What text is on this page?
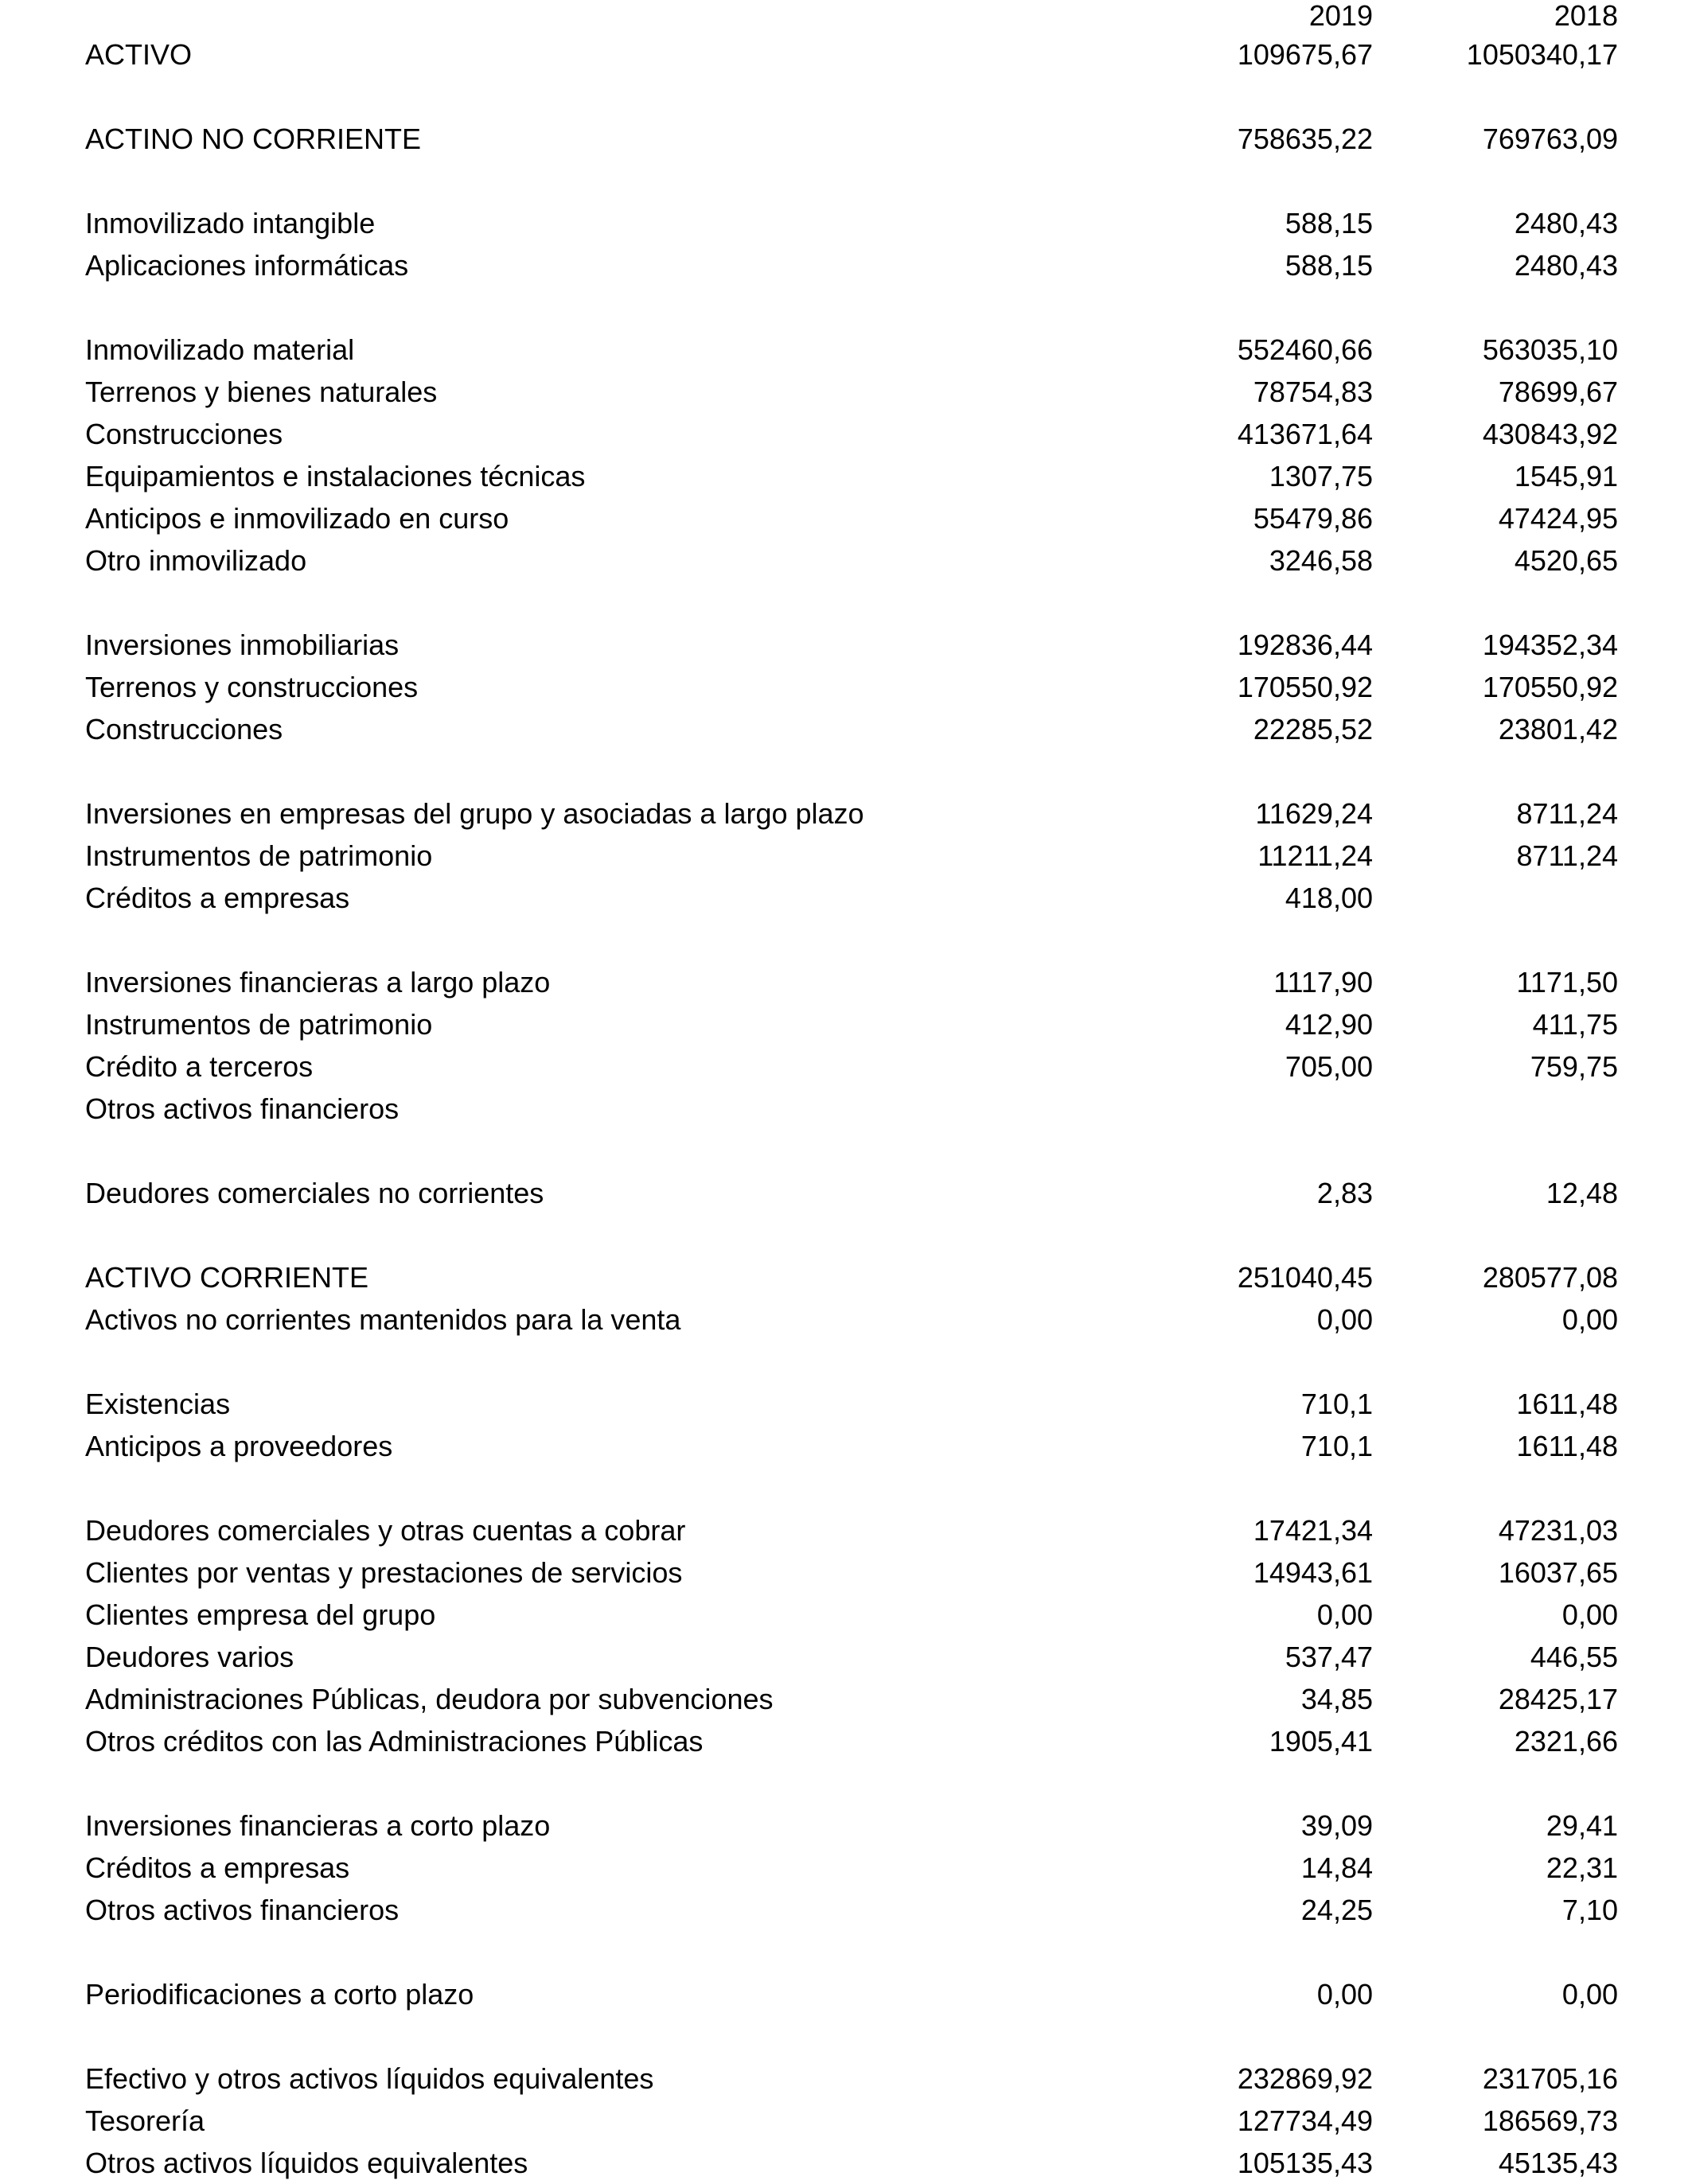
2019	2018
ACTIVO	109675,67	1050340,17
ACTINO NO CORRIENTE	758635,22	769763,09
Inmovilizado intangible	588,15	2480,43
Aplicaciones informáticas	588,15	2480,43
Inmovilizado material	552460,66	563035,10
Terrenos y bienes naturales	78754,83	78699,67
Construcciones	413671,64	430843,92
Equipamientos e instalaciones técnicas	1307,75	1545,91
Anticipos e inmovilizado en curso	55479,86	47424,95
Otro inmovilizado	3246,58	4520,65
Inversiones inmobiliarias	192836,44	194352,34
Terrenos y construcciones	170550,92	170550,92
Construcciones	22285,52	23801,42
Inversiones en empresas del grupo y asociadas a largo plazo	11629,24	8711,24
Instrumentos de patrimonio	11211,24	8711,24
Créditos a empresas	418,00
Inversiones financieras a largo plazo	1117,90	1171,50
Instrumentos de patrimonio	412,90	411,75
Crédito a terceros	705,00	759,75
Otros activos financieros
Deudores comerciales no corrientes	2,83	12,48
ACTIVO CORRIENTE	251040,45	280577,08
Activos no corrientes mantenidos para la venta	0,00	0,00
Existencias	710,1	1611,48
Anticipos a proveedores	710,1	1611,48
Deudores comerciales y otras cuentas a cobrar	17421,34	47231,03
Clientes por ventas y prestaciones de servicios	14943,61	16037,65
Clientes empresa del grupo	0,00	0,00
Deudores varios	537,47	446,55
Administraciones Públicas, deudora por subvenciones	34,85	28425,17
Otros créditos con las Administraciones Públicas	1905,41	2321,66
Inversiones financieras a corto plazo	39,09	29,41
Créditos a empresas	14,84	22,31
Otros activos financieros	24,25	7,10
Periodificaciones a corto plazo	0,00	0,00
Efectivo y otros activos líquidos equivalentes	232869,92	231705,16
Tesorería	127734,49	186569,73
Otros activos líquidos equivalentes	105135,43	45135,43
